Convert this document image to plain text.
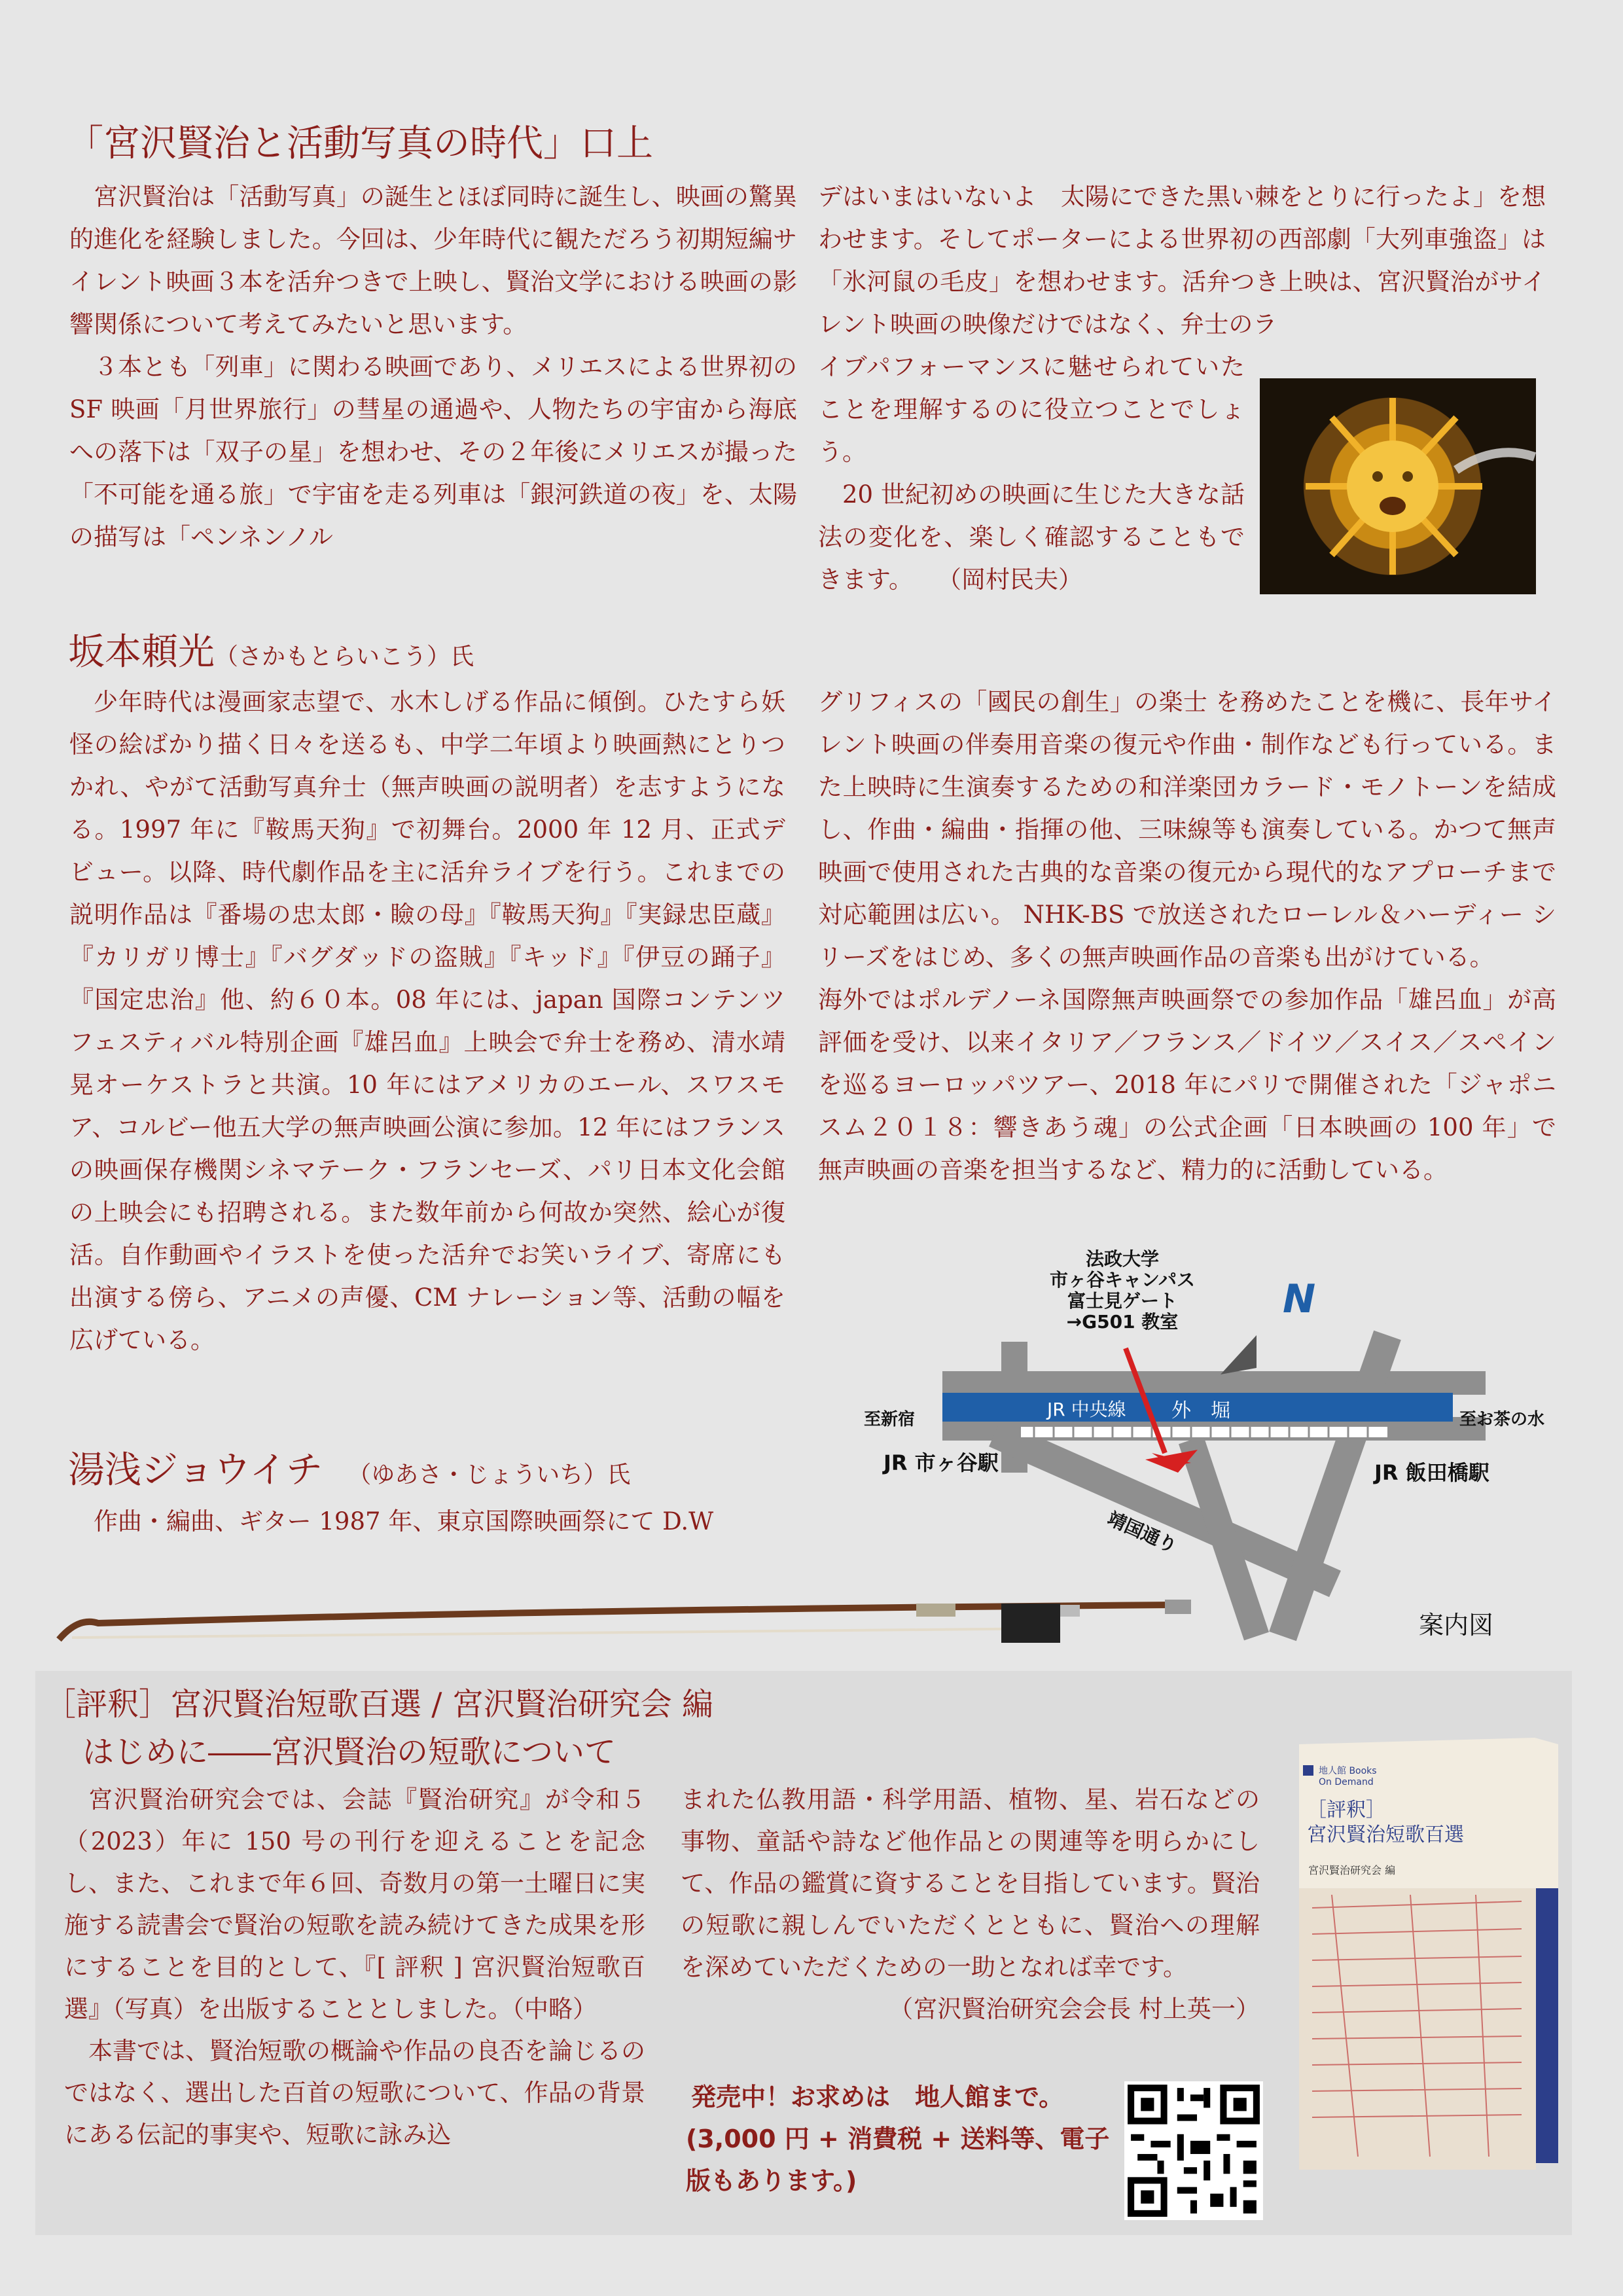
「宮沢賢治と活動写真の時代」口上

宮沢賢治は「活動写真」の誕生とほぼ同時に誕生し、映画の驚異的進化を経験しました。今回は、少年時代に観ただろう初期短編サイレント映画３本を活弁つきで上映し、賢治文学における映画の影響関係について考えてみたいと思います。

３本とも「列車」に関わる映画であり、メリエスによる世界初の SF 映画「月世界旅行」の彗星の通過や、人物たちの宇宙から海底への落下は「双子の星」を想わせ、その２年後にメリエスが撮った「不可能を通る旅」で宇宙を走る列車は「銀河鉄道の夜」を、太陽の描写は「ペンネンノル

デはいまはいないよ　太陽にできた黒い棘をとりに行ったよ」を想わせます。そしてポーターによる世界初の西部劇「大列車強盗」は「氷河鼠の毛皮」を想わせます。活弁つき上映は、宮沢賢治がサイレント映画の映像だけではなく、弁士のラ

イブパフォーマンスに魅せられていたことを理解するのに役立つことでしょう。

20 世紀初めの映画に生じた大きな話法の変化を、楽しく確認することもできます。　　 （岡村民夫）

坂本頼光（さかもとらいこう）氏

少年時代は漫画家志望で、水木しげる作品に傾倒。ひたすら妖怪の絵ばかり描く日々を送るも、中学二年頃より映画熱にとりつかれ、やがて活動写真弁士（無声映画の説明者）を志すようになる。1997 年に『鞍馬天狗』で初舞台。2000 年 12 月、正式デビュー。以降、時代劇作品を主に活弁ライブを行う。これまでの説明作品は『番場の忠太郎・瞼の母』『鞍馬天狗』『実録忠臣蔵』『カリガリ博士』『バグダッドの盗賊』『キッド』『伊豆の踊子』『国定忠治』他、約６０本。08 年には、japan 国際コンテンツフェスティバル特別企画『雄呂血』上映会で弁士を務め、清水靖晃オーケストラと共演。10 年にはアメリカのエール、スワスモア、コルビー他五大学の無声映画公演に参加。12 年にはフランスの映画保存機関シネマテーク・フランセーズ、パリ日本文化会館の上映会にも招聘される。また数年前から何故か突然、絵心が復活。自作動画やイラストを使った活弁でお笑いライブ、寄席にも出演する傍ら、アニメの声優、CM ナレーション等、活動の幅を広げている。

湯浅ジョウイチ　 （ゆあさ・じょういち）氏

作曲・編曲、ギター 1987 年、東京国際映画祭にて D.W

グリフィスの「國民の創生」の楽士 を務めたことを機に、長年サイレント映画の伴奏用音楽の復元や作曲・制作なども行っている。また上映時に生演奏するための和洋楽団カラード・モノトーンを結成し、作曲・編曲・指揮の他、三味線等も演奏している。かつて無声映画で使用された古典的な音楽の復元から現代的なアプローチまで対応範囲は広い。 NHK-BS で放送されたローレル＆ハーディー シリーズをはじめ、多くの無声映画作品の音楽も出がけている。

海外ではポルデノーネ国際無声映画祭での参加作品「雄呂血」が高評価を受け、以来イタリア／フランス／ドイツ／スイス／スペインを巡るヨーロッパツアー、2018 年にパリで開催された「ジャポニスム２０１８：響きあう魂」の公式企画「日本映画の 100 年」で無声映画の音楽を担当するなど、精力的に活動している。

法政大学
市ヶ谷キャンパス
富士見ゲート
→G501 教室	N
JR 中央線 外　堀
至新宿	至お茶の水
JR 市ヶ谷駅	JR 飯田橋駅
靖国通り
案内図
［評釈］宮沢賢治短歌百選 / 宮沢賢治研究会 編
はじめに――宮沢賢治の短歌について

宮沢賢治研究会では、会誌『賢治研究』が令和５（2023）年に 150 号の刊行を迎えることを記念し、また、これまで年６回、奇数月の第一土曜日に実施する読書会で賢治の短歌を読み続けてきた成果を形にすることを目的として、『[ 評釈 ] 宮沢賢治短歌百選』（写真）を出版することとしました。（中略）

本書では、賢治短歌の概論や作品の良否を論じるのではなく、選出した百首の短歌について、作品の背景にある伝記的事実や、短歌に詠み込

まれた仏教用語・科学用語、植物、星、岩石などの事物、童話や詩など他作品との関連等を明らかにして、作品の鑑賞に資することを目指しています。賢治の短歌に親しんでいただくとともに、賢治への理解を深めていただくための一助となれば幸です。

（宮沢賢治研究会会長 村上英一）

発売中！お求めは　地人館まで。
(3,000 円 + 消費税 + 送料等、電子版もあります。)
地人館 Books
On Demand
［評釈］
宮沢賢治短歌百選
宮沢賢治研究会 編
